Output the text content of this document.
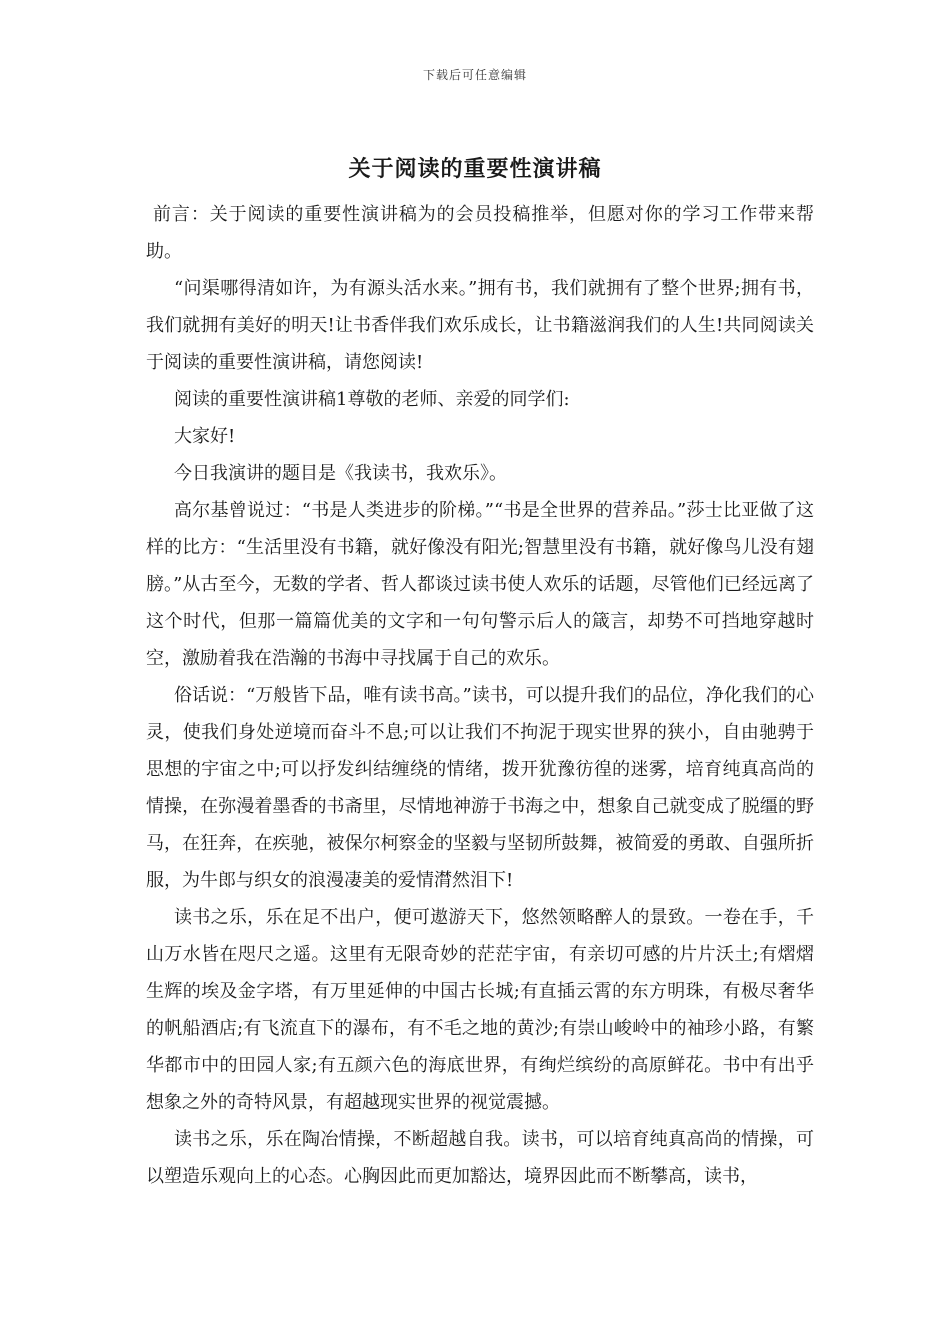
下载后可任意编辑
关于阅读的重要性演讲稿

前言：关于阅读的重要性演讲稿为的会员投稿推举，但愿对你的学习工作带来帮助。

“问渠哪得清如许，为有源头活水来。”拥有书，我们就拥有了整个世界;拥有书，我们就拥有美好的明天!让书香伴我们欢乐成长，让书籍滋润我们的人生!共同阅读关于阅读的重要性演讲稿，请您阅读!

阅读的重要性演讲稿1尊敬的老师、亲爱的同学们:

大家好!

今日我演讲的题目是《我读书，我欢乐》。

高尔基曾说过：“书是人类进步的阶梯。”“书是全世界的营养品。”莎士比亚做了这样的比方：“生活里没有书籍，就好像没有阳光;智慧里没有书籍，就好像鸟儿没有翅膀。”从古至今，无数的学者、哲人都谈过读书使人欢乐的话题，尽管他们已经远离了这个时代，但那一篇篇优美的文字和一句句警示后人的箴言，却势不可挡地穿越时空，激励着我在浩瀚的书海中寻找属于自己的欢乐。

俗话说：“万般皆下品，唯有读书高。”读书，可以提升我们的品位，净化我们的心灵，使我们身处逆境而奋斗不息;可以让我们不拘泥于现实世界的狭小，自由驰骋于思想的宇宙之中;可以抒发纠结缠绕的情绪，拨开犹豫彷徨的迷雾，培育纯真高尚的情操，在弥漫着墨香的书斋里，尽情地神游于书海之中，想象自己就变成了脱缰的野马，在狂奔，在疾驰，被保尔柯察金的坚毅与坚韧所鼓舞，被简爱的勇敢、自强所折服，为牛郎与织女的浪漫凄美的爱情潸然泪下!

读书之乐，乐在足不出户，便可遨游天下，悠然领略醉人的景致。一卷在手，千山万水皆在咫尺之遥。这里有无限奇妙的茫茫宇宙，有亲切可感的片片沃土;有熠熠生辉的埃及金字塔，有万里延伸的中国古长城;有直插云霄的东方明珠，有极尽奢华的帆船酒店;有飞流直下的瀑布，有不毛之地的黄沙;有崇山峻岭中的袖珍小路，有繁华都市中的田园人家;有五颜六色的海底世界，有绚烂缤纷的高原鲜花。书中有出乎想象之外的奇特风景，有超越现实世界的视觉震撼。

读书之乐，乐在陶冶情操，不断超越自我。读书，可以培育纯真高尚的情操，可以塑造乐观向上的心态。心胸因此而更加豁达，境界因此而不断攀高，读书，
